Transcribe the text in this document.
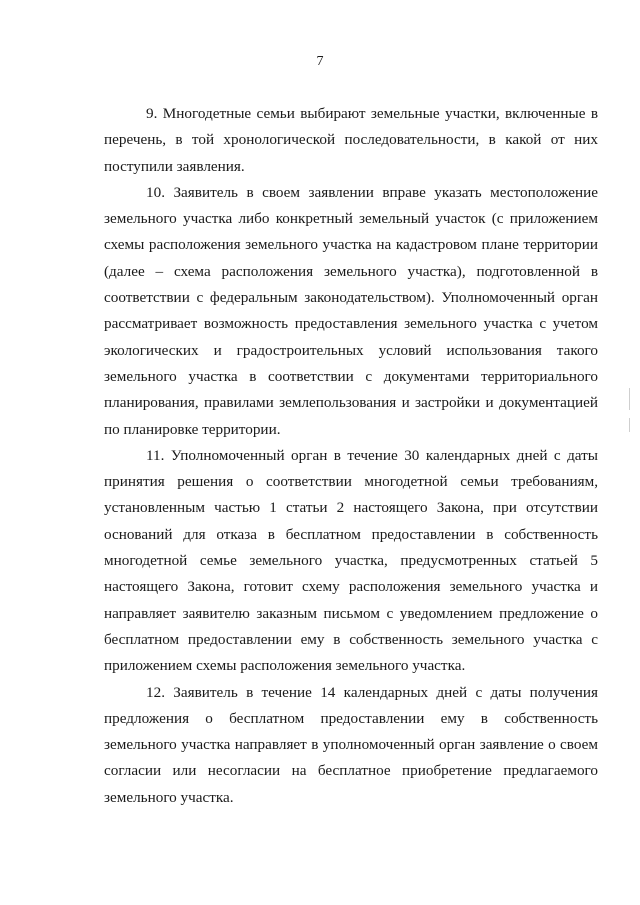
7

9. Многодетные семьи выбирают земельные участки, включенные в перечень, в той хронологической последовательности, в какой от них поступили заявления.

10. Заявитель в своем заявлении вправе указать местоположение земельного участка либо конкретный земельный участок (с приложением схемы расположения земельного участка на кадастровом плане территории (далее – схема расположения земельного участка), подготовленной в соответствии с федеральным законодательством). Уполномоченный орган рассматривает возможность предоставления земельного участка с учетом экологических и градостроительных условий использования такого земельного участка в соответствии с документами территориального планирования, правилами землепользования и застройки и документацией по планировке территории.

11. Уполномоченный орган в течение 30 календарных дней с даты принятия решения о соответствии многодетной семьи требованиям, установленным частью 1 статьи 2 настоящего Закона, при отсутствии оснований для отказа в бесплатном предоставлении в собственность многодетной семье земельного участка, предусмотренных статьей 5 настоящего Закона, готовит схему расположения земельного участка и направляет заявителю заказным письмом с уведомлением предложение о бесплатном предоставлении ему в собственность земельного участка с приложением схемы расположения земельного участка.

12. Заявитель в течение 14 календарных дней с даты получения предложения о бесплатном предоставлении ему в собственность земельного участка направляет в уполномоченный орган заявление о своем согласии или несогласии на бесплатное приобретение предлагаемого земельного участка.
